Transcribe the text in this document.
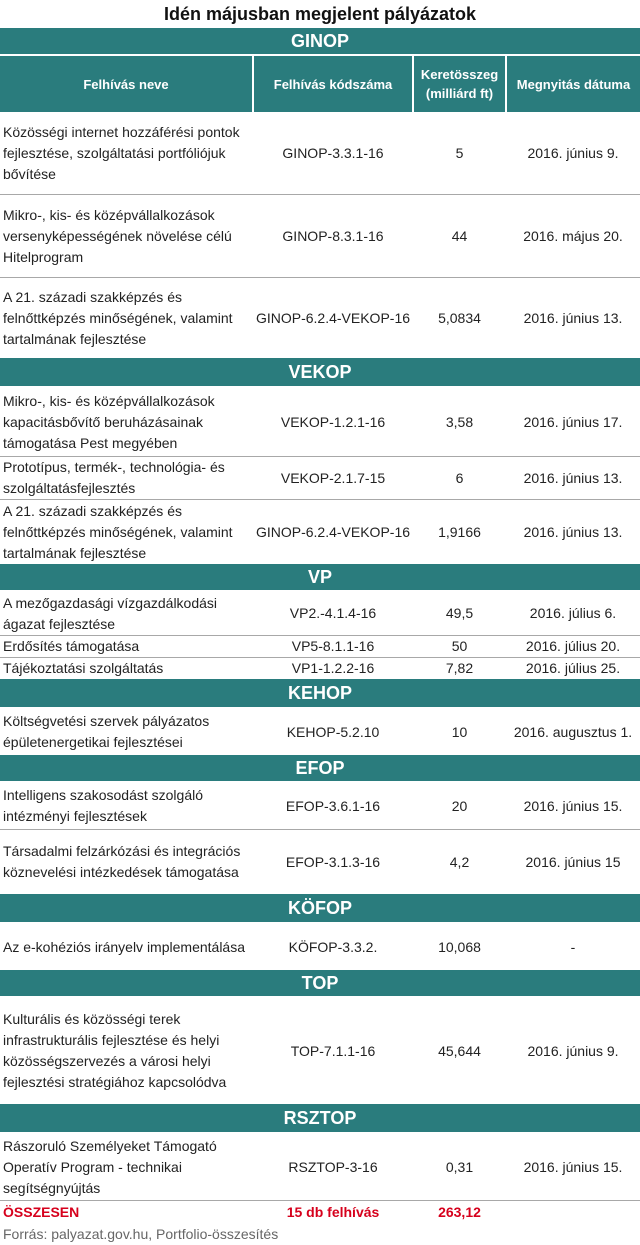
Idén májusban megjelent pályázatok
GINOP			
Felhívás neve	Felhívás kódszáma	Keretösszeg (milliárd ft)	Megnyitás dátuma
Közösségi internet hozzáférési pontok fejlesztése, szolgáltatási portfóliójuk bővítése	GINOP-3.3.1-16	5	2016. június 9.
Mikro-, kis- és középvállalkozások versenyképességének növelése célú Hitelprogram	GINOP-8.3.1-16	44	2016. május 20.
A 21. századi szakképzés és felnőttképzés minőségének, valamint tartalmának fejlesztése	GINOP-6.2.4-VEKOP-16	5,0834	2016. június 13.
VEKOP			
Mikro-, kis- és középvállalkozások kapacitásbővítő beruházásainak támogatása Pest megyében	VEKOP-1.2.1-16	3,58	2016. június 17.
Prototípus, termék-, technológia- és szolgáltatásfejlesztés	VEKOP-2.1.7-15	6	2016. június 13.
A 21. századi szakképzés és felnőttképzés minőségének, valamint tartalmának fejlesztése	GINOP-6.2.4-VEKOP-16	1,9166	2016. június 13.
VP			
A mezőgazdasági vízgazdálkodási ágazat fejlesztése	VP2.-4.1.4-16	49,5	2016. július 6.
Erdősítés támogatása	VP5-8.1.1-16	50	2016. július 20.
Tájékoztatási szolgáltatás	VP1-1.2.2-16	7,82	2016. július 25.
KEHOP			
Költségvetési szervek pályázatos épületenergetikai fejlesztései	KEHOP-5.2.10	10	2016. augusztus 1.
EFOP			
Intelligens szakosodást szolgáló intézményi fejlesztések	EFOP-3.6.1-16	20	2016. június 15.
Társadalmi felzárkózási és integrációs köznevelési intézkedések támogatása	EFOP-3.1.3-16	4,2	2016. június 15
KÖFOP			
Az e-kohéziós irányelv implementálása	KÖFOP-3.3.2.	10,068	-
TOP			
Kulturális és közösségi terek infrastrukturális fejlesztése és helyi közösségszervezés a városi helyi fejlesztési stratégiához kapcsolódva	TOP-7.1.1-16	45,644	2016. június 9.
RSZTOP			
Rászoruló Személyeket Támogató Operatív Program - technikai segítségnyújtás	RSZTOP-3-16	0,31	2016. június 15.
ÖSSZESEN	15 db felhívás	263,12	
Forrás: palyazat.gov.hu, Portfolio-összesítés
